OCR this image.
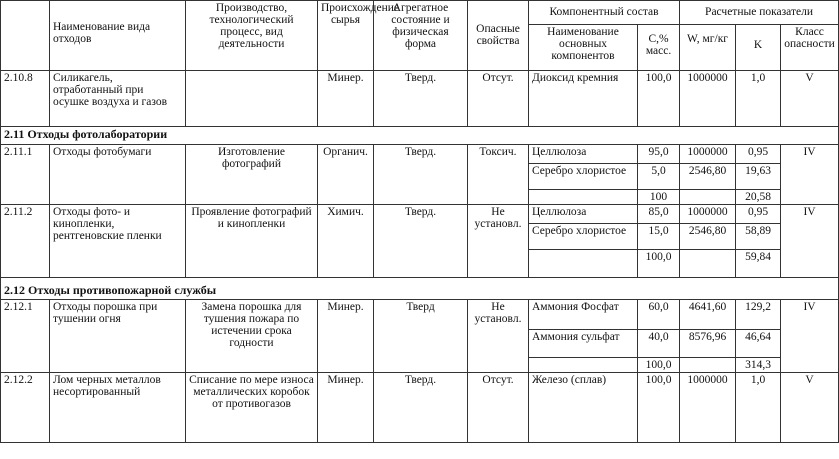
	Наименование вида отходов	Производство, технологический процесс, вид деятельности	Происхождение сырья	Агрегатное состояние и физическая форма	Опасные свойства	Компонентный состав		Расчетные показатели		
						Наименование основных компонентов	С,% масс.	W, мг/кг	K	Класс опасности
2.10.8	Силикагель, отработанный при осушке воздуха и газов		Минер.	Тверд.	Отсут.	Диоксид кремния	100,0	1000000	1,0	V
2.11 Отходы фотолаборатории										
2.11.1	Отходы фотобумаги	Изготовление фотографий	Органич.	Тверд.	Токсич.	Целлюлоза	95,0	1000000	0,95	IV
						Серебро хлористое	5,0	2546,80	19,63	
							100		20,58	
2.11.2	Отходы фото- и кинопленки, рентгеновские пленки	Проявление фотографий и кинопленки	Химич.	Тверд.	Не установл.	Целлюлоза	85,0	1000000	0,95	IV
						Серебро хлористое	15,0	2546,80	58,89	
							100,0		59,84	
2.12 Отходы противопожарной службы										
2.12.1	Отходы порошка при тушении огня	Замена порошка для тушения пожара по истечении срока годности	Минер.	Тверд	Не установл.	Аммония Фосфат	60,0	4641,60	129,2	IV
						Аммония сульфат	40,0	8576,96	46,64	
							100,0		314,3	
2.12.2	Лом черных металлов несортированный	Списание по мере износа металлических коробок от противогазов	Минер.	Тверд.	Отсут.	Железо (сплав)	100,0	1000000	1,0	V
